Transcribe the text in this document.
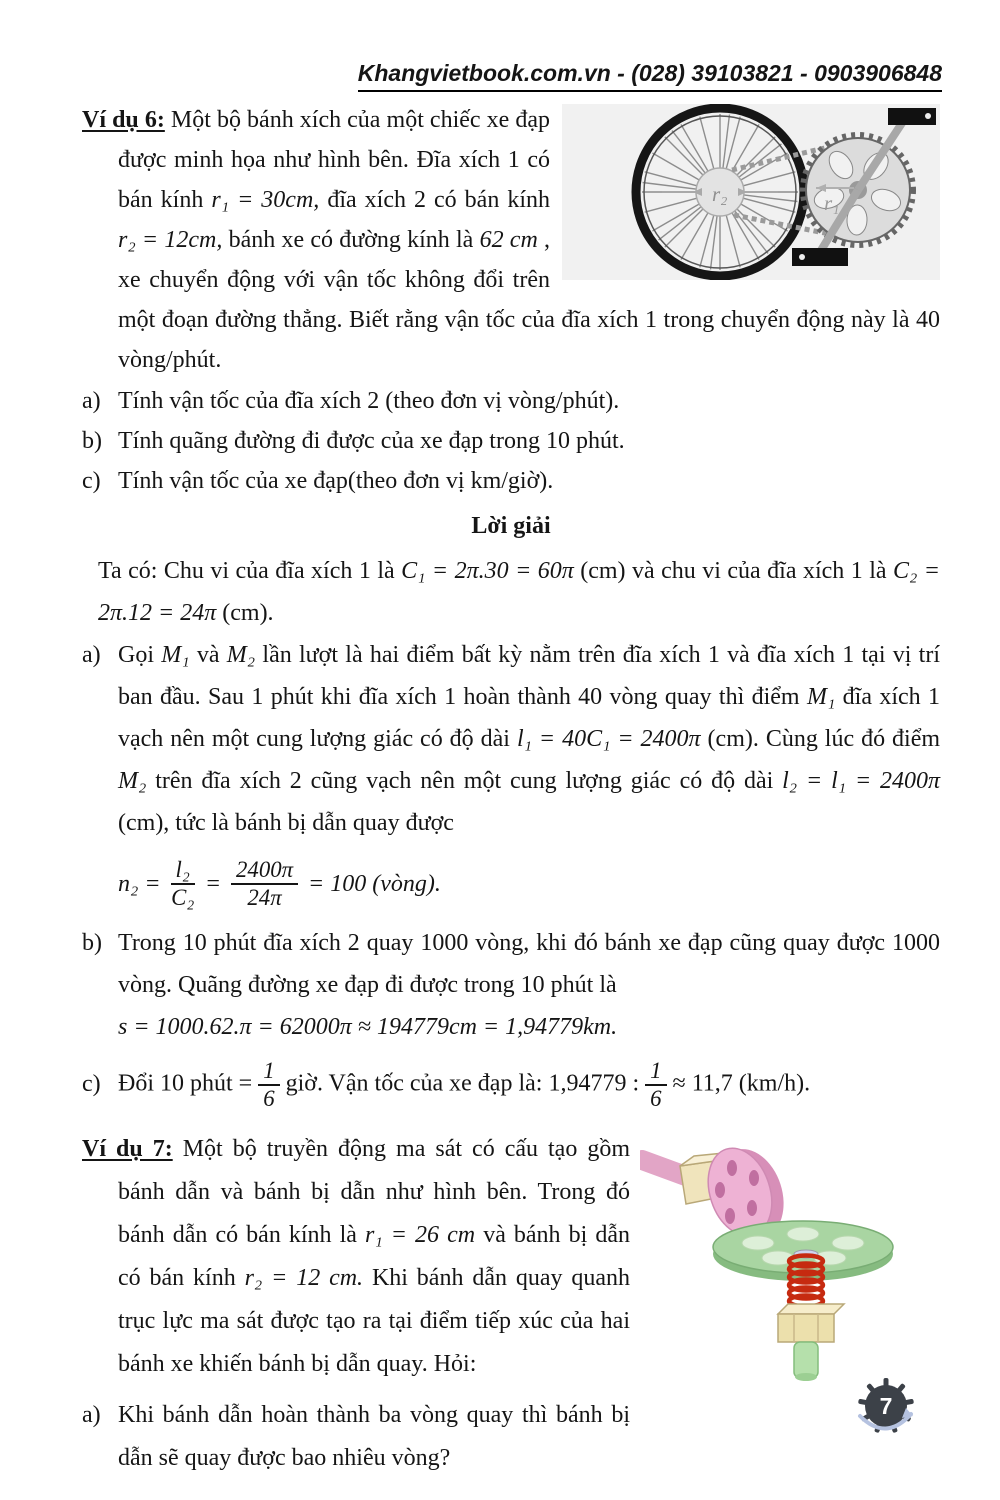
Khangvietbook.com.vn - (028) 39103821 - 0903906848

r₂	r₁
Ví dụ 6: Một bộ bánh xích của một chiếc xe đạp được minh họa như hình bên. Đĩa xích 1 có bán kính r₁ = 30cm, đĩa xích 2 có bán kính r₂ = 12cm, bánh xe có đường kính là 62 cm , xe chuyển động với vận tốc không đổi trên một đoạn đường thẳng. Biết rằng vận tốc của đĩa xích 1 trong chuyển động này là 40 vòng/phút.

a) Tính vận tốc của đĩa xích 2 (theo đơn vị vòng/phút).
b) Tính quãng đường đi được của xe đạp trong 10 phút.
c) Tính vận tốc của xe đạp(theo đơn vị km/giờ).
Lời giải

Ta có: Chu vi của đĩa xích 1 là C₁ = 2π.30 = 60π (cm) và chu vi của đĩa xích 1 là C₂ = 2π.12 = 24π (cm).

a) Gọi M₁ và M₂ lần lượt là hai điểm bất kỳ nằm trên đĩa xích 1 và đĩa xích 1 tại vị trí ban đầu. Sau 1 phút khi đĩa xích 1 hoàn thành 40 vòng quay thì điểm M₁ đĩa xích 1 vạch nên một cung lượng giác có độ dài l₁ = 40C₁ = 2400π (cm). Cùng lúc đó điểm M₂ trên đĩa xích 2 cũng vạch nên một cung lượng giác có độ dài l₂ = l₁ = 2400π (cm), tức là bánh bị dẫn quay được
$n_2 = \frac{\text{l₂}}{\text{C₂}} = \frac{2400\pi}{24\pi} = 100$ (vòng).
b) Trong 10 phút đĩa xích 2 quay 1000 vòng, khi đó bánh xe đạp cũng quay được 1000 vòng. Quãng đường xe đạp đi được trong 10 phút là
s = 1000.62.π = 62000π ≈ 194779cm = 1,94779km.
c) Đổi 10 phút = $\frac{1}{6}$ giờ. Vận tốc của xe đạp là: 1,94779 : $\frac{1}{6} \approx 11,7$ (km/h).

Ví dụ 7: Một bộ truyền động ma sát có cấu tạo gồm bánh dẫn và bánh bị dẫn như hình bên. Trong đó bánh dẫn có bán kính là r₁ = 26 cm và bánh bị dẫn có bán kính r₂ = 12 cm. Khi bánh dẫn quay quanh trục lực ma sát được tạo ra tại điểm tiếp xúc của hai bánh xe khiến bánh bị dẫn quay. Hỏi:

a) Khi bánh dẫn hoàn thành ba vòng quay thì bánh bị dẫn sẽ quay được bao nhiêu vòng?
7
